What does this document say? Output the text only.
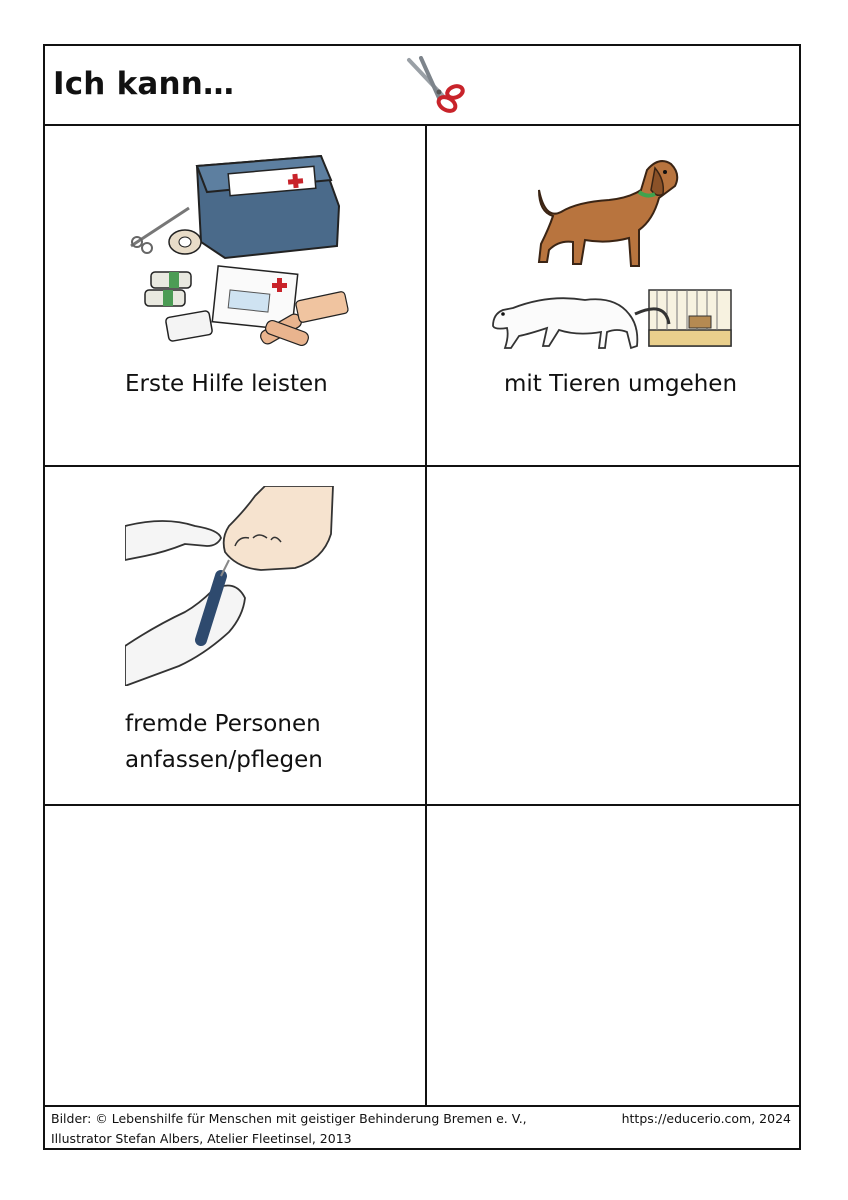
Ich kann…
Erste Hilfe leisten	mit Tieren umgehen
fremde Personen
anfassen/pflegen
Bilder: © Lebenshilfe für Menschen mit geistiger Behinderung Bremen e. V.,
Illustrator Stefan Albers, Atelier Fleetinsel, 2013
https://educerio.com, 2024
